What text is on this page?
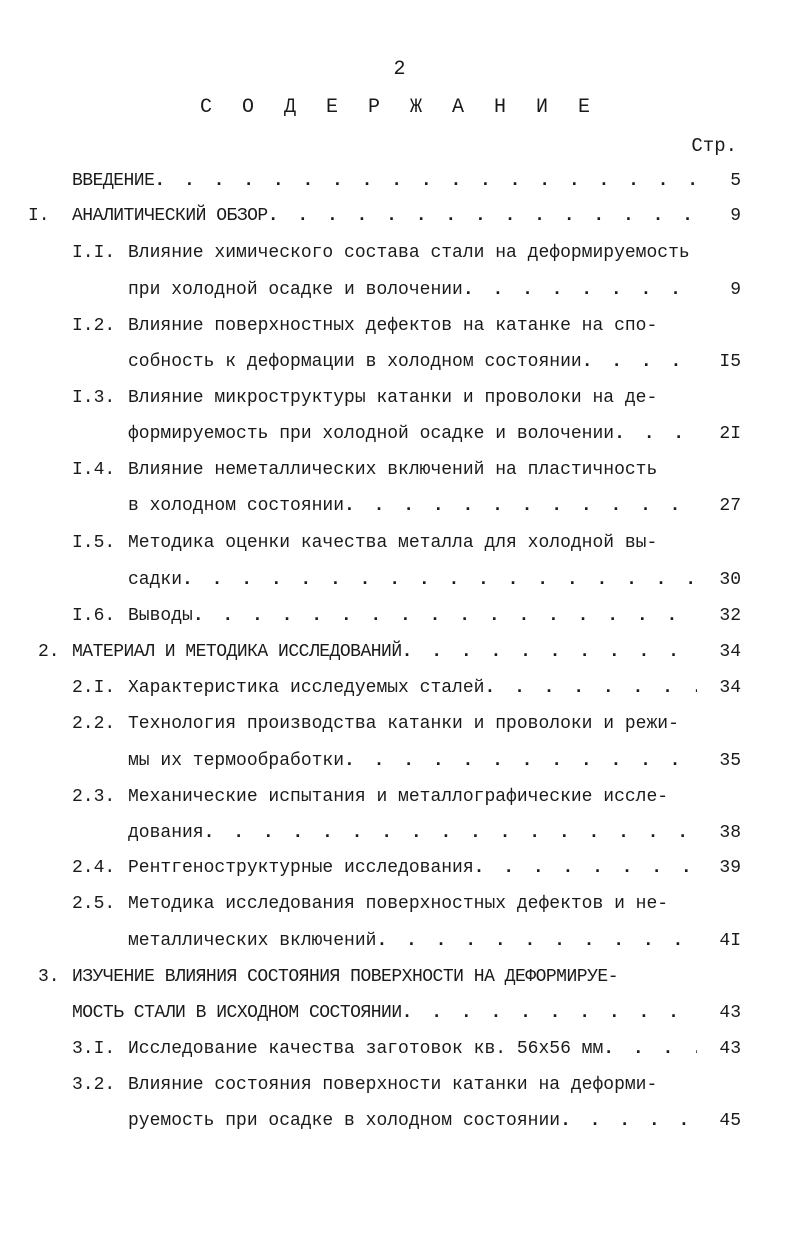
2
С О Д Е Р Ж А Н И Е
Стр.
ВВЕДЕНИЕ . . .	5
I.	АНАЛИТИЧЕСКИЙ ОБЗОР . . .	9
I.I. Влияние химического состава стали на деформируемость
при холодной осадке и волочении . . .	9
I.2. Влияние поверхностных дефектов на катанке на спо-
собность к деформации в холодном состоянии . . .	I5
I.3. Влияние микроструктуры катанки и проволоки на де-
формируемость при холодной осадке и волочении . . .	2I
I.4. Влияние неметаллических включений на пластичность
в холодном состоянии . . .	27
I.5. Методика оценки качества металла для холодной вы-
садки . . .	30
I.6. Выводы . . .	32
2. МАТЕРИАЛ И МЕТОДИКА ИССЛЕДОВАНИЙ . . .	34
2.I. Характеристика исследуемых сталей . . .	34
2.2. Технология производства катанки и проволоки и режи-
мы их термообработки . . .	35
2.3. Механические испытания и металлографические иссле-
дования . . .	38
2.4. Рентгеноструктурные исследования . . .	39
2.5. Методика исследования поверхностных дефектов и не-
металлических включений . . .	4I
3. ИЗУЧЕНИЕ ВЛИЯНИЯ СОСТОЯНИЯ ПОВЕРХНОСТИ НА ДЕФОРМИРУЕ-
МОСТЬ СТАЛИ В ИСХОДНОМ СОСТОЯНИИ . . .	43
3.I. Исследование качества заготовок кв. 56х56 мм . . .	43
3.2. Влияние состояния поверхности катанки на деформи-
руемость при осадке в холодном состоянии . . .	45
